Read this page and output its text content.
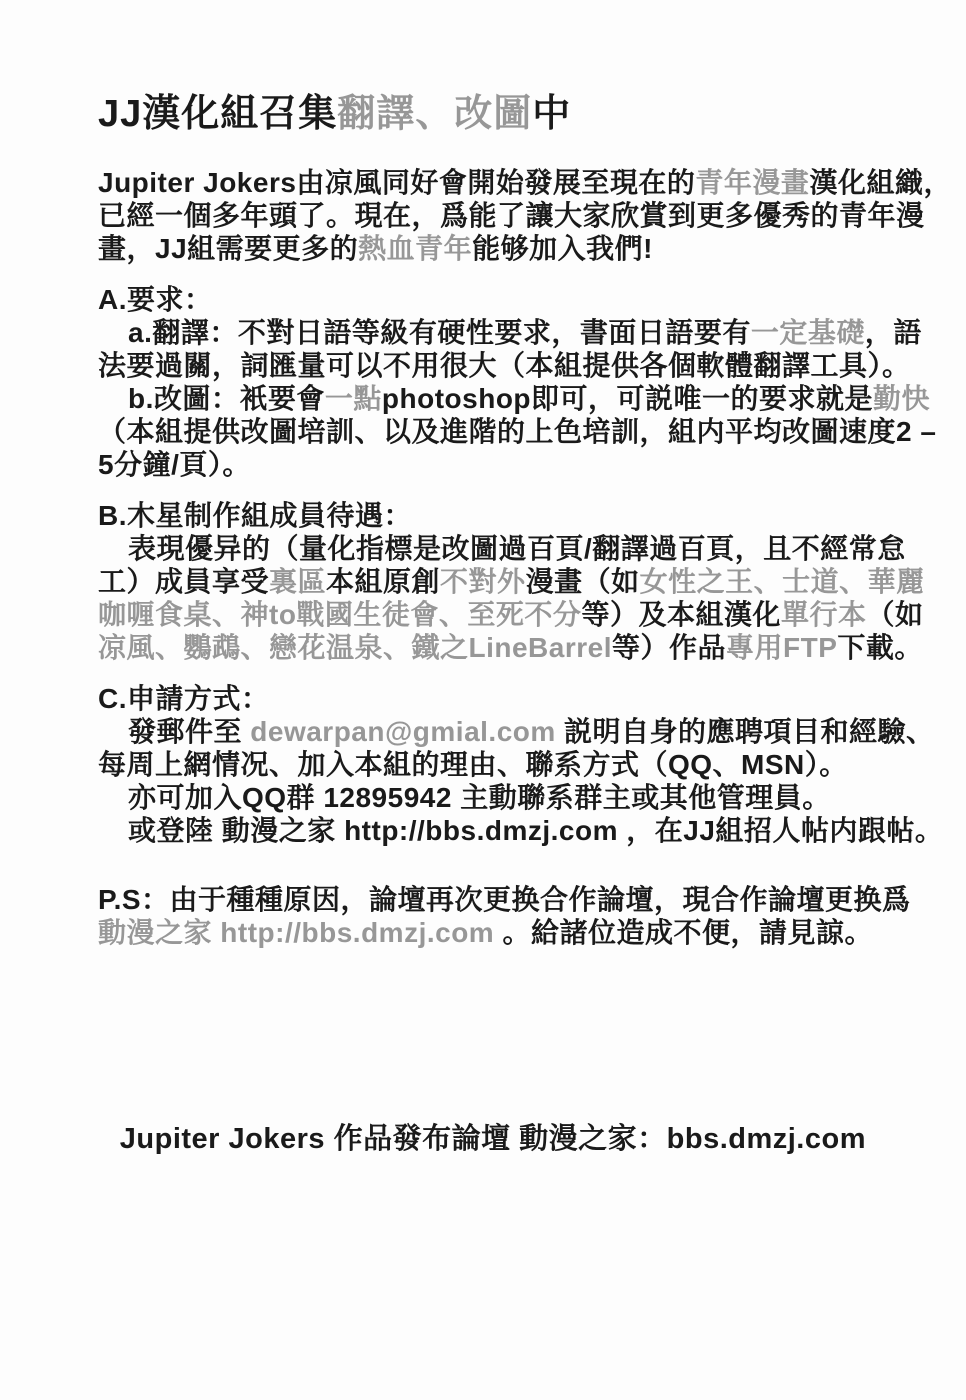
JJ漢化組召集翻譯、改圖中
Jupiter Jokers由凉風同好會開始發展至現在的青年漫畫漢化組織，
已經一個多年頭了。現在，爲能了讓大家欣賞到更多優秀的青年漫
畫，JJ組需要更多的熱血青年能够加入我們!
A.要求：
a.翻譯：不對日語等級有硬性要求，書面日語要有一定基礎，語
法要過關，詞匯量可以不用很大（本組提供各個軟體翻譯工具）。
b.改圖：衹要會一點photoshop即可，可説唯一的要求就是勤快
（本組提供改圖培訓、以及進階的上色培訓，組内平均改圖速度2 –
5分鐘/頁）。
B.木星制作組成員待遇：
表現優异的（量化指標是改圖過百頁/翻譯過百頁，且不經常怠
工）成員享受裏區本組原創不對外漫畫（如女性之王、士道、華麗
咖喱食桌、神to戰國生徒會、至死不分等）及本組漢化單行本（如
凉風、鸚鵡、戀花温泉、鐵之LineBarrel等）作品專用FTP下載。
C.申請方式：
發郵件至 dewarpan@gmial.com 説明自身的應聘項目和經驗、
每周上網情况、加入本組的理由、聯系方式（QQ、MSN）。
亦可加入QQ群 12895942 主動聯系群主或其他管理員。
或登陸 動漫之家 http://bbs.dmzj.com ，在JJ組招人帖内跟帖。
P.S：由于種種原因，論壇再次更换合作論壇，現合作論壇更换爲
動漫之家 http://bbs.dmzj.com 。給諸位造成不便，請見諒。
Jupiter Jokers 作品發布論壇 動漫之家：bbs.dmzj.com
